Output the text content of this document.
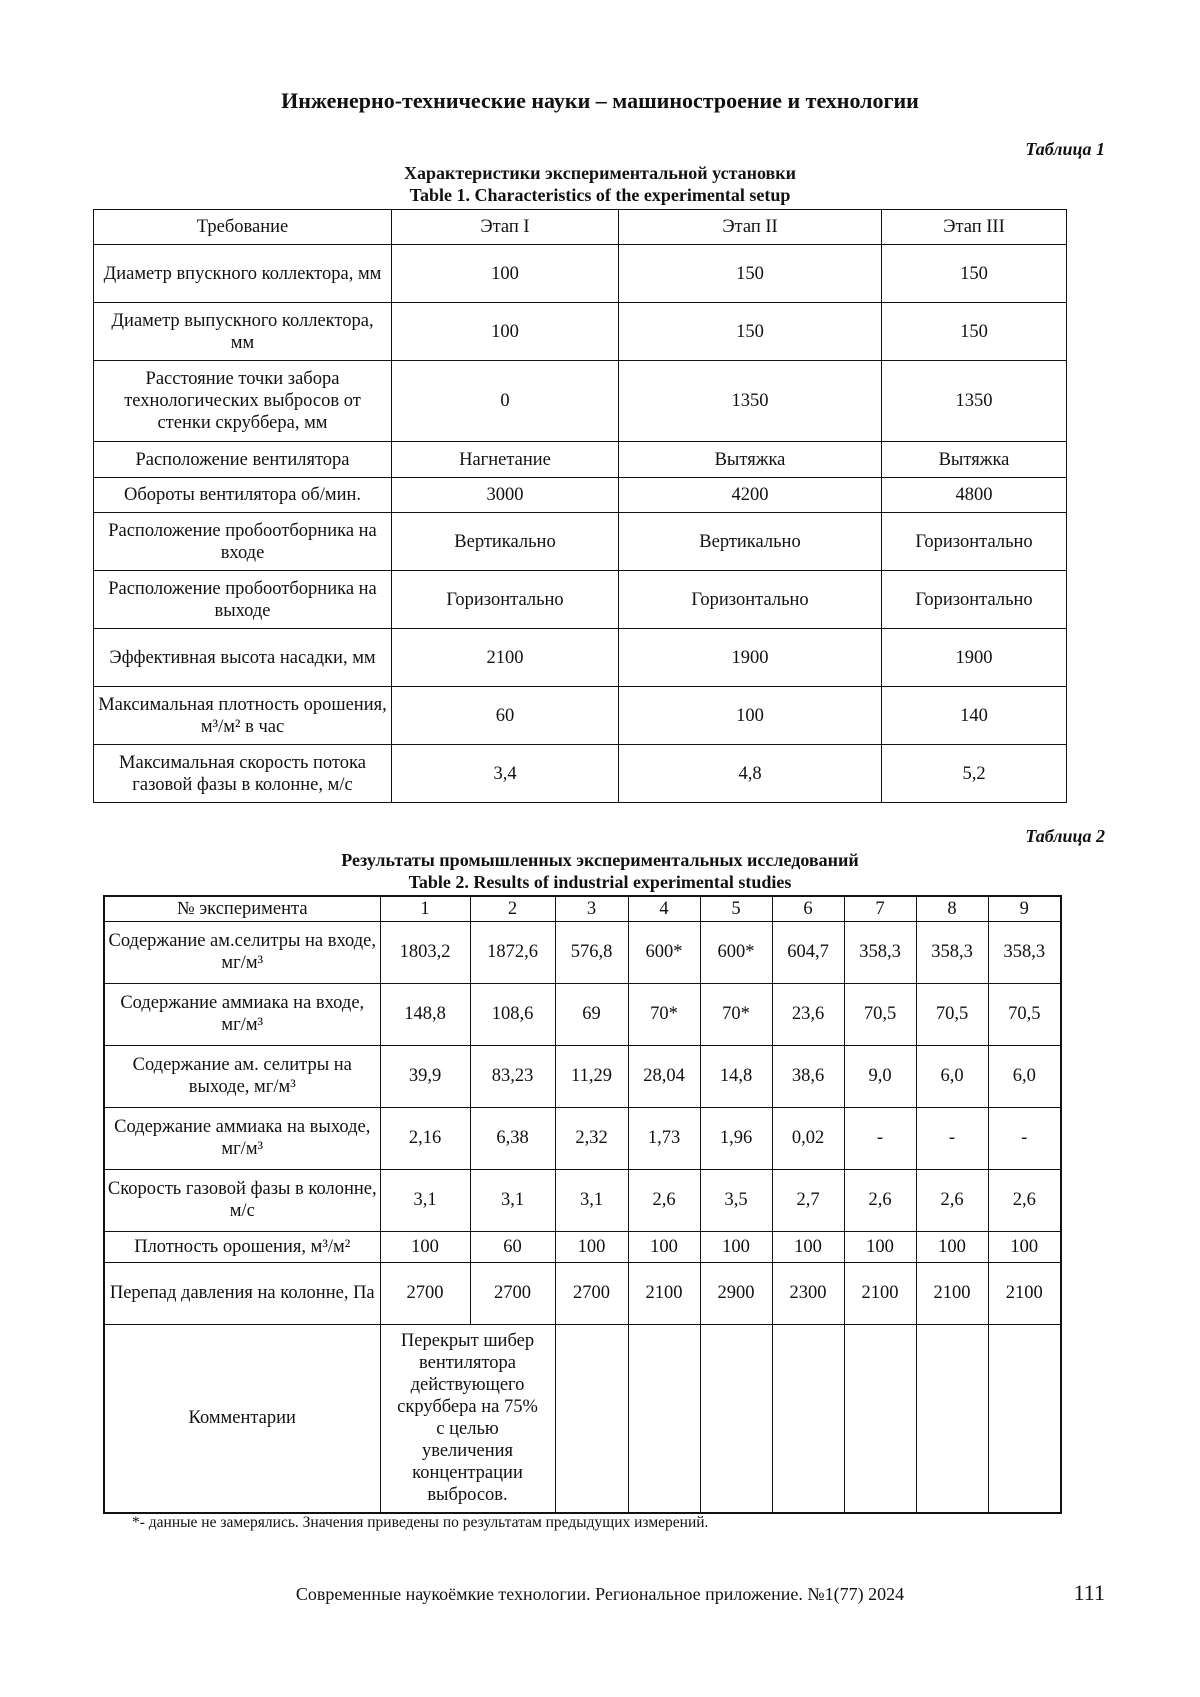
Инженерно-технические науки – машиностроение и технологии
Таблица 1
Характеристики экспериментальной установки
Table 1. Characteristics of the experimental setup
Требование	Этап I	Этап II	Этап III
Диаметр впускного коллектора, мм	100	150	150
Диаметр выпускного коллектора, мм	100	150	150
Расстояние точки забора технологических выбросов от стенки скруббера, мм	0	1350	1350
Расположение вентилятора	Нагнетание	Вытяжка	Вытяжка
Обороты вентилятора об/мин.	3000	4200	4800
Расположение пробоотборника на входе	Вертикально	Вертикально	Горизонтально
Расположение пробоотборника на выходе	Горизонтально	Горизонтально	Горизонтально
Эффективная высота насадки, мм	2100	1900	1900
Максимальная плотность орошения, м³/м² в час	60	100	140
Максимальная скорость потока газовой фазы в колонне, м/с	3,4	4,8	5,2
Таблица 2
Результаты промышленных экспериментальных исследований
Table 2. Results of industrial experimental studies
№ эксперимента	1	2	3	4	5	6	7	8	9
Содержание ам.селитры на входе, мг/м³	1803,2	1872,6	576,8	600*	600*	604,7	358,3	358,3	358,3
Содержание аммиака на входе, мг/м³	148,8	108,6	69	70*	70*	23,6	70,5	70,5	70,5
Содержание ам. селитры на выходе, мг/м³	39,9	83,23	11,29	28,04	14,8	38,6	9,0	6,0	6,0
Содержание аммиака на выходе, мг/м³	2,16	6,38	2,32	1,73	1,96	0,02	-	-	-
Скорость газовой фазы в колонне, м/с	3,1	3,1	3,1	2,6	3,5	2,7	2,6	2,6	2,6
Плотность орошения, м³/м²	100	60	100	100	100	100	100	100	100
Перепад давления на колонне, Па	2700	2700	2700	2100	2900	2300	2100	2100	2100
Комментарии	Перекрыт шибер вентилятора действующего скруббера на 75% с целью увеличения концентрации выбросов.								
*- данные не замерялись. Значения приведены по результатам предыдущих измерений.
Современные наукоёмкие технологии. Региональное приложение. №1(77) 2024	111
